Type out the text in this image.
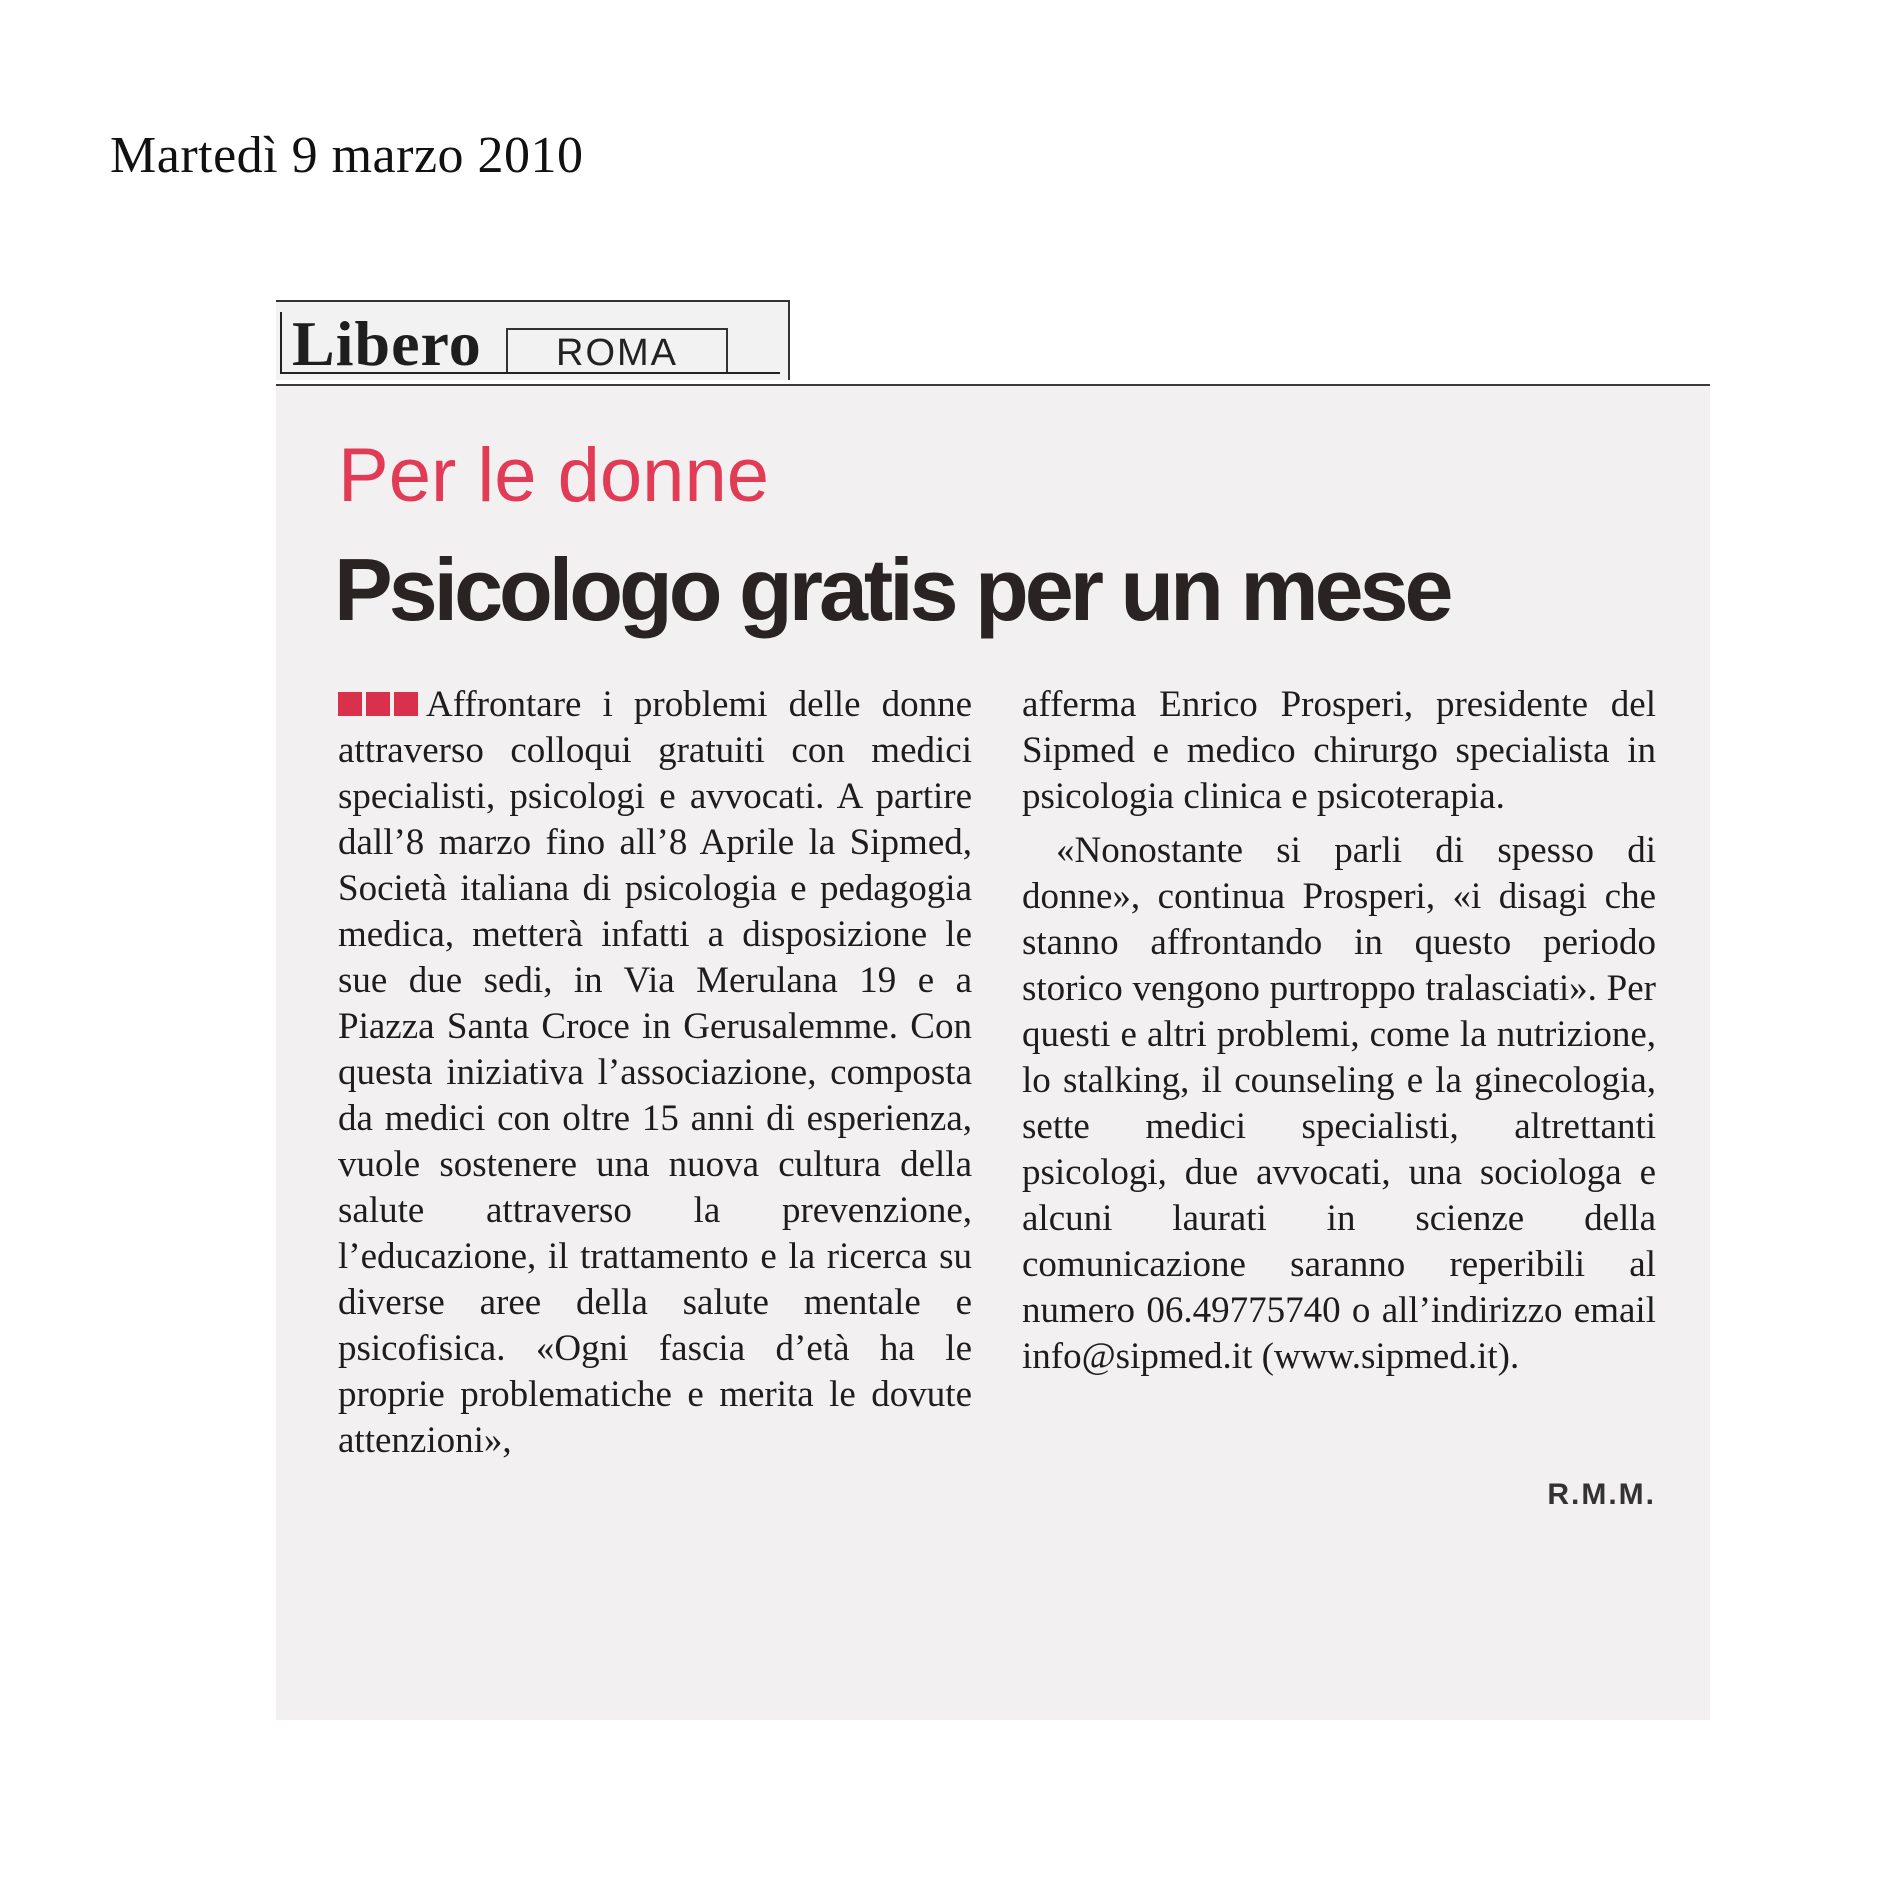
Martedì 9 marzo 2010
Libero	ROMA
Per le donne
Psicologo gratis per un mese

Affrontare i problemi delle donne attraverso colloqui gratuiti con medici specialisti, psicologi e avvocati. A partire dall’8 marzo fino all’8 Aprile la Sipmed, Società italiana di psicologia e pedagogia medica, metterà infatti a disposizione le sue due sedi, in Via Merulana 19 e a Piazza Santa Croce in Gerusalemme. Con questa iniziativa l’associazione, composta da medici con oltre 15 anni di esperienza, vuole sostenere una nuova cultura della salute attraverso la prevenzione, l’educazione, il trattamento e la ricerca su diverse aree della salute mentale e psicofisica. «Ogni fascia d’età ha le proprie problematiche e merita le dovute attenzioni»,

afferma Enrico Prosperi, presidente del Sipmed e medico chirurgo specialista in psicologia clinica e psicoterapia.

«Nonostante si parli di spesso di donne», continua Prosperi, «i disagi che stanno affrontando in questo periodo storico vengono purtroppo tralasciati». Per questi e altri problemi, come la nutrizione, lo stalking, il counseling e la ginecologia, sette medici specialisti, altrettanti psicologi, due avvocati, una sociologa e alcuni laurati in scienze della comunicazione saranno reperibili al numero 06.49775740 o all’indirizzo email info@sipmed.it (www.sipmed.it).

R.M.M.
